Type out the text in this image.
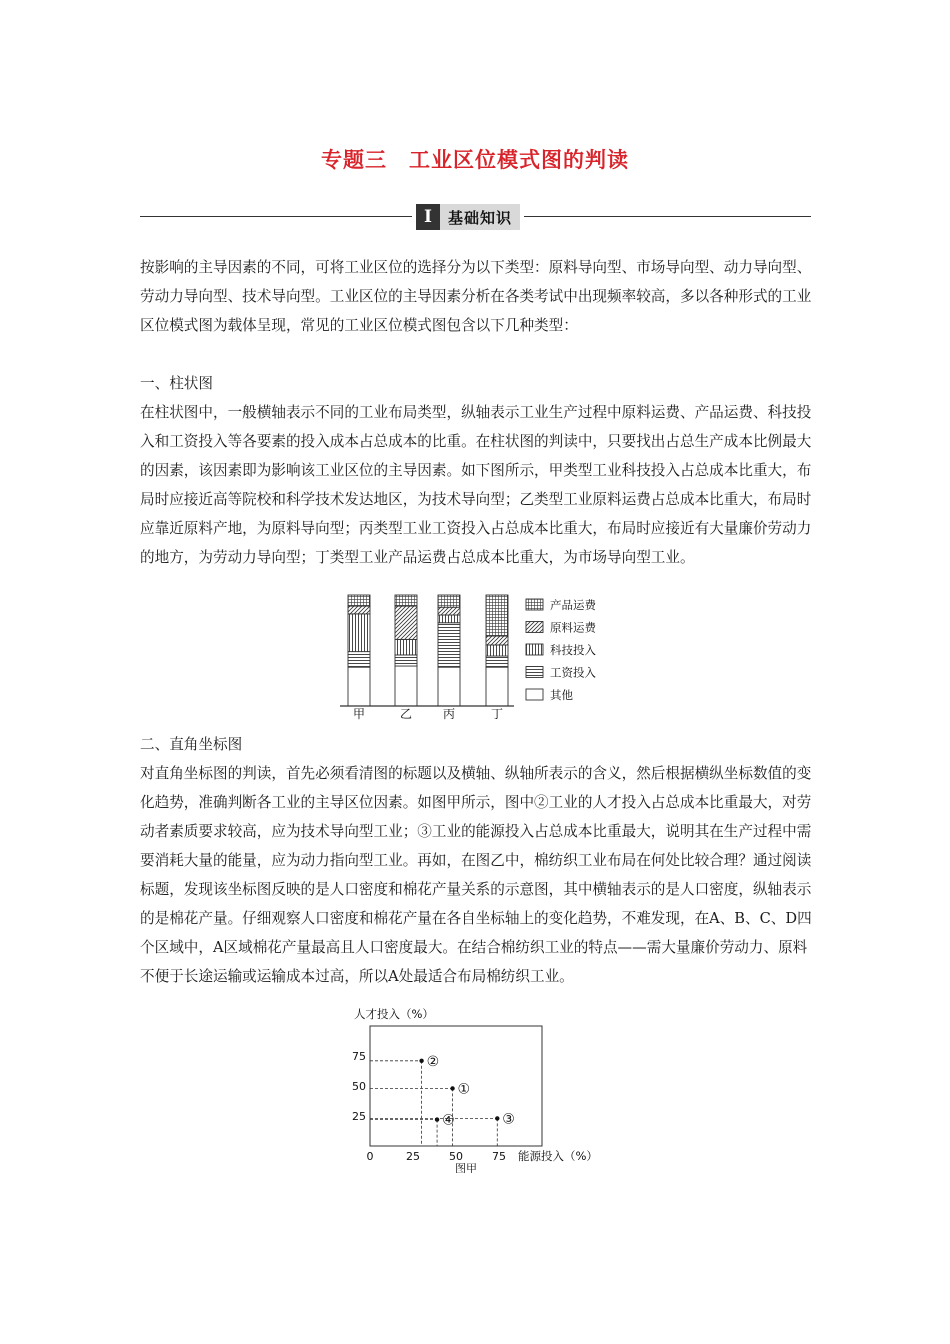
专题三 工业区位模式图的判读
I	基础知识

按影响的主导因素的不同，可将工业区位的选择分为以下类型：原料导向型、市场导向型、动力导向型、劳动力导向型、技术导向型。工业区位的主导因素分析在各类考试中出现频率较高，多以各种形式的工业区位模式图为载体呈现，常见的工业区位模式图包含以下几种类型：

一、柱状图

在柱状图中，一般横轴表示不同的工业布局类型，纵轴表示工业生产过程中原料运费、产品运费、科技投入和工资投入等各要素的投入成本占总成本的比重。在柱状图的判读中，只要找出占总生产成本比例最大的因素，该因素即为影响该工业区位的主导因素。如下图所示，甲类型工业科技投入占总成本比重大，布局时应接近高等院校和科学技术发达地区，为技术导向型；乙类型工业原料运费占总成本比重大，布局时应靠近原料产地，为原料导向型；丙类型工业工资投入占总成本比重大，布局时应接近有大量廉价劳动力的地方，为劳动力导向型；丁类型工业产品运费占总成本比重大，为市场导向型工业。

甲	乙	丙	丁
产品运费
原料运费
科技投入
工资投入
其他

二、直角坐标图

对直角坐标图的判读，首先必须看清图的标题以及横轴、纵轴所表示的含义，然后根据横纵坐标数值的变化趋势，准确判断各工业的主导区位因素。如图甲所示，图中②工业的人才投入占总成本比重最大，对劳动者素质要求较高，应为技术导向型工业；③工业的能源投入占总成本比重最大，说明其在生产过程中需要消耗大量的能量，应为动力指向型工业。再如，在图乙中，棉纺织工业布局在何处比较合理？通过阅读标题，发现该坐标图反映的是人口密度和棉花产量关系的示意图，其中横轴表示的是人口密度，纵轴表示的是棉花产量。仔细观察人口密度和棉花产量在各自坐标轴上的变化趋势，不难发现，在A、B、C、D四个区域中，A区域棉花产量最高且人口密度最大。在结合棉纺织工业的特点——需大量廉价劳动力、原料不便于长途运输或运输成本过高，所以A处最适合布局棉纺织工业。

人才投入（%）
能源投入（%）
图甲
0	25	50	75
25
50
75
①
②
③
④
